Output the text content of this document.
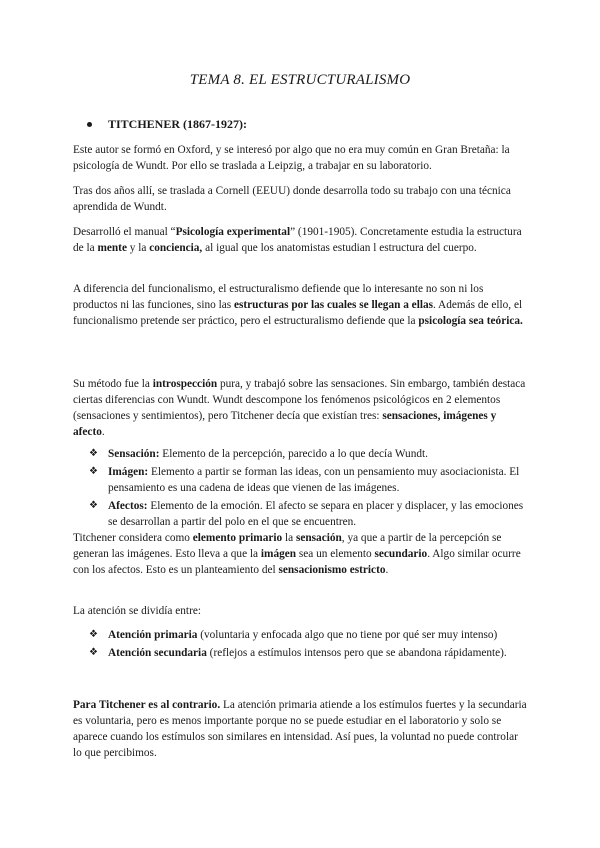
TEMA 8. EL ESTRUCTURALISMO
TITCHENER (1867-1927):

Este autor se formó en Oxford, y se interesó por algo que no era muy común en Gran Bretaña: la psicología de Wundt. Por ello se traslada a Leipzig, a trabajar en su laboratorio.

Tras dos años allí, se traslada a Cornell (EEUU) donde desarrolla todo su trabajo con una técnica aprendida de Wundt.

Desarrolló el manual “Psicología experimental” (1901-1905). Concretamente estudia la estructura de la mente y la conciencia, al igual que los anatomistas estudian l estructura del cuerpo.

A diferencia del funcionalismo, el estructuralismo defiende que lo interesante no son ni los productos ni las funciones, sino las estructuras por las cuales se llegan a ellas. Además de ello, el funcionalismo pretende ser práctico, pero el estructuralismo defiende que la psicología sea teórica.

Su método fue la introspección pura, y trabajó sobre las sensaciones. Sin embargo, también destaca ciertas diferencias con Wundt. Wundt descompone los fenómenos psicológicos en 2 elementos (sensaciones y sentimientos), pero Titchener decía que existían tres: sensaciones, imágenes y afecto.

❖ Sensación: Elemento de la percepción, parecido a lo que decía Wundt.
❖ Imágen: Elemento a partir se forman las ideas, con un pensamiento muy asociacionista. El pensamiento es una cadena de ideas que vienen de las imágenes.
❖ Afectos: Elemento de la emoción. El afecto se separa en placer y displacer, y las emociones se desarrollan a partir del polo en el que se encuentren.

Titchener considera como elemento primario la sensación, ya que a partir de la percepción se generan las imágenes. Esto lleva a que la imágen sea un elemento secundario. Algo similar ocurre con los afectos. Esto es un planteamiento del sensacionismo estricto.

La atención se dividía entre:

❖ Atención primaria (voluntaria y enfocada algo que no tiene por qué ser muy intenso)
❖ Atención secundaria (reflejos a estímulos intensos pero que se abandona rápidamente).

Para Titchener es al contrario. La atención primaria atiende a los estímulos fuertes y la secundaria es voluntaria, pero es menos importante porque no se puede estudiar en el laboratorio y solo se aparece cuando los estímulos son similares en intensidad. Así pues, la voluntad no puede controlar lo que percibimos.
